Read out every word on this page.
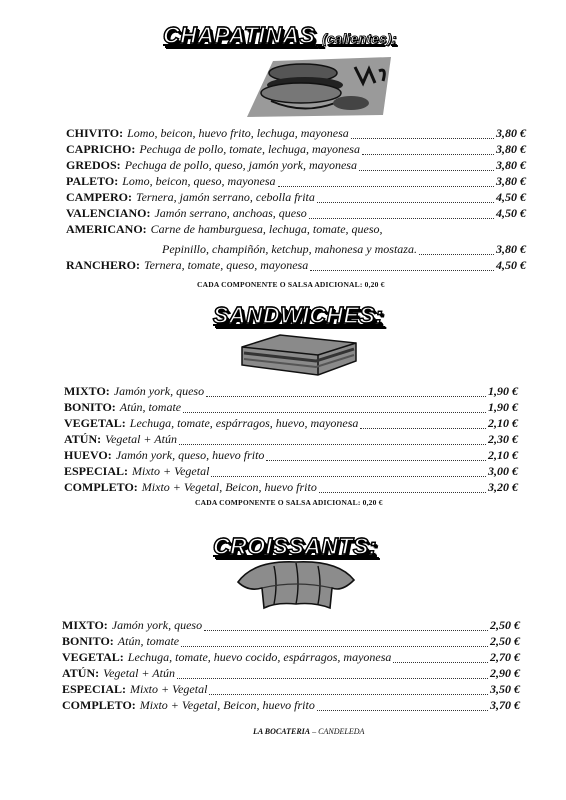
CHAPATINAS (calientes):
CHIVITO: Lomo, beicon, huevo frito, lechuga, mayonesa	3,80 €
CAPRICHO: Pechuga de pollo, tomate, lechuga, mayonesa	3,80 €
GREDOS: Pechuga de pollo, queso, jamón york, mayonesa	3,80 €
PALETO: Lomo, beicon, queso, mayonesa	3,80 €
CAMPERO: Ternera, jamón serrano, cebolla frita	4,50 €
VALENCIANO: Jamón serrano, anchoas, queso	4,50 €
AMERICANO: Carne de hamburguesa, lechuga, tomate, queso,
Pepinillo, champiñón, ketchup, mahonesa y mostaza.	3,80 €
RANCHERO: Ternera, tomate, queso, mayonesa	4,50 €
CADA COMPONENTE O SALSA ADICIONAL: 0,20 €
SANDWICHES:
MIXTO: Jamón york, queso	1,90 €
BONITO: Atún, tomate	1,90 €
VEGETAL: Lechuga, tomate, espárragos, huevo, mayonesa	2,10 €
ATÚN: Vegetal + Atún	2,30 €
HUEVO: Jamón york, queso, huevo frito	2,10 €
ESPECIAL: Mixto + Vegetal	3,00 €
COMPLETO: Mixto + Vegetal, Beicon, huevo frito	3,20 €
CADA COMPONENTE O SALSA ADICIONAL: 0,20 €
CROISSANTS:
MIXTO: Jamón york, queso	2,50 €
BONITO: Atún, tomate	2,50 €
VEGETAL: Lechuga, tomate, huevo cocido, espárragos, mayonesa	2,70 €
ATÚN: Vegetal + Atún	2,90 €
ESPECIAL: Mixto + Vegetal	3,50 €
COMPLETO: Mixto + Vegetal, Beicon, huevo frito	3,70 €
LA BOCATERIA – CANDELEDA
